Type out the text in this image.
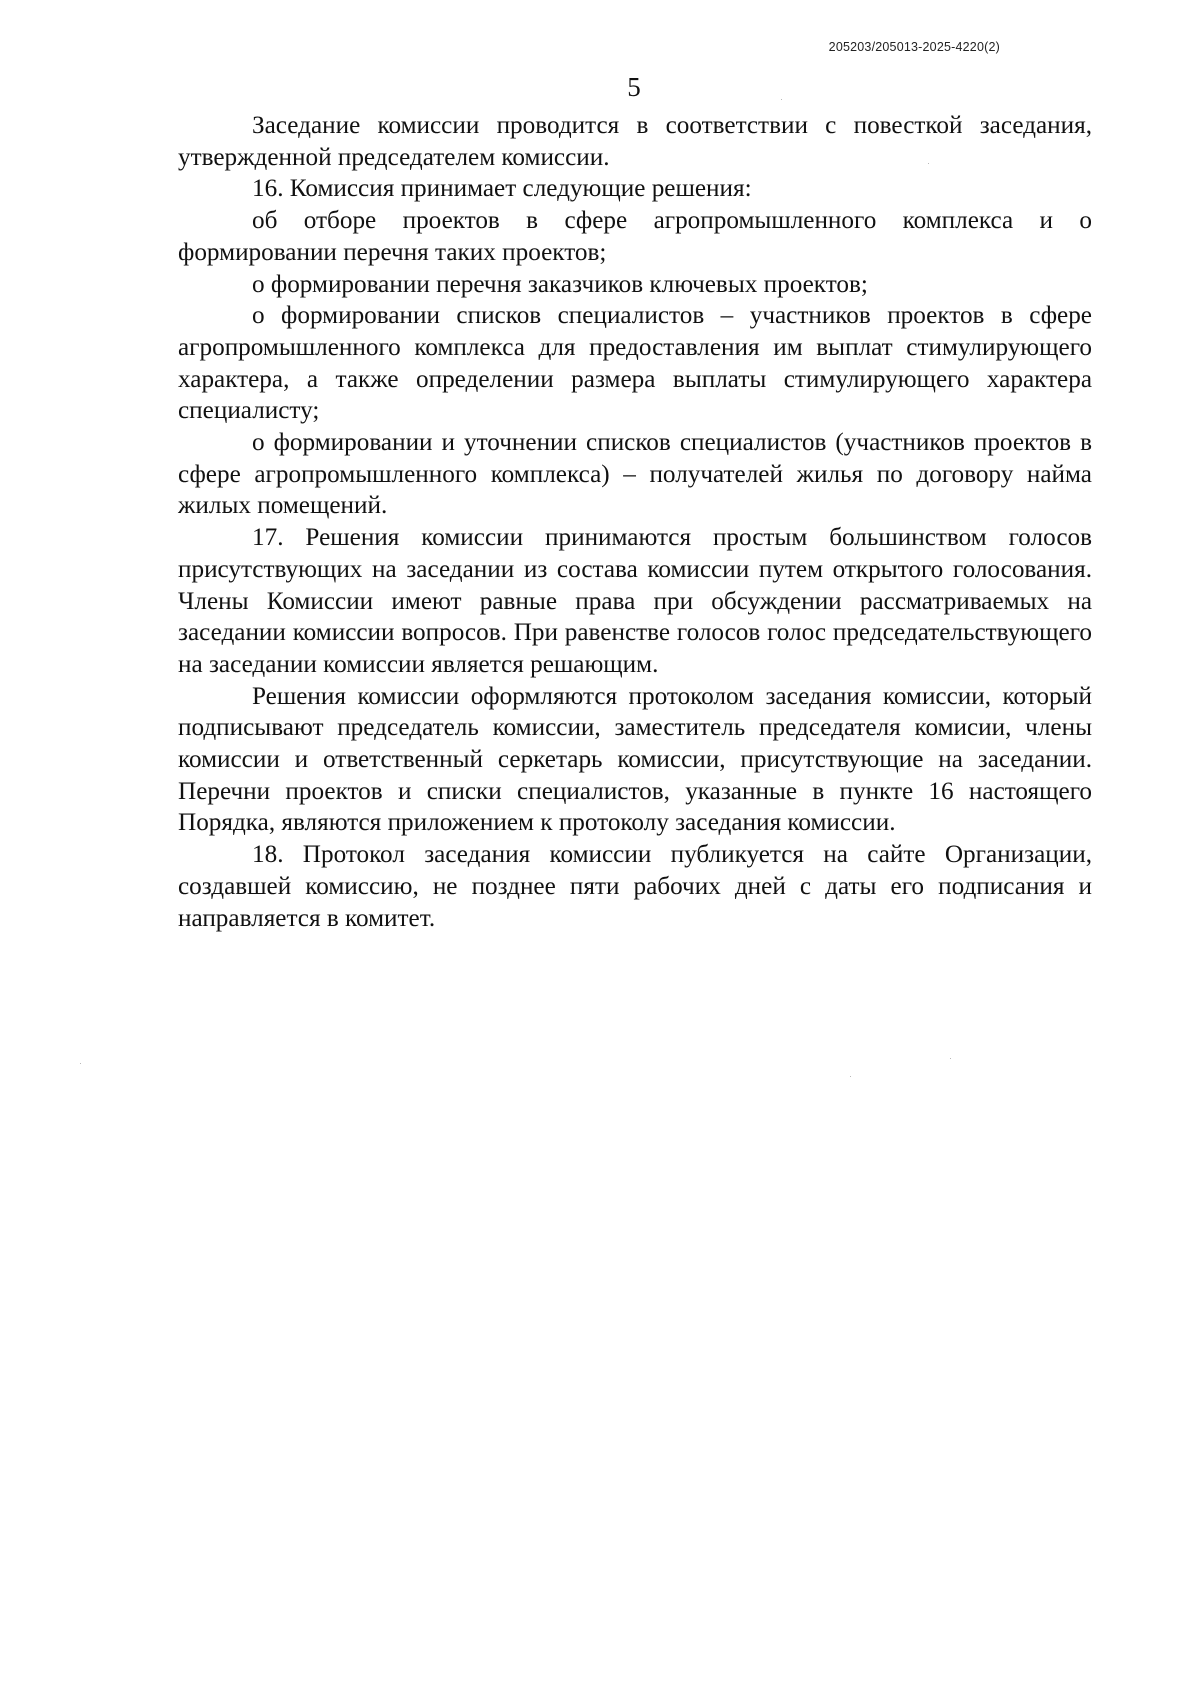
205203/205013-2025-4220(2)
5

Заседание комиссии проводится в соответствии с повесткой заседания, утвержденной председателем комиссии.

16. Комиссия принимает следующие решения:

об отборе проектов в сфере агропромышленного комплекса и о формировании перечня таких проектов;

о формировании перечня заказчиков ключевых проектов;

о формировании списков специалистов – участников проектов в сфере агропромышленного комплекса для предоставления им выплат стимулирующего характера, а также определении размера выплаты стимулирующего характера специалисту;

о формировании и уточнении списков специалистов (участников проектов в сфере агропромышленного комплекса) – получателей жилья по договору найма жилых помещений.

17. Решения комиссии принимаются простым большинством голосов присутствующих на заседании из состава комиссии путем открытого голосования. Члены Комиссии имеют равные права при обсуждении рассматриваемых на заседании комиссии вопросов. При равенстве голосов голос председательствующего на заседании комиссии является решающим.

Решения комиссии оформляются протоколом заседания комиссии, который подписывают председатель комиссии, заместитель председателя комисии, члены комиссии и ответственный серкетарь комиссии, присутствующие на заседании. Перечни проектов и списки специалистов, указанные в пункте 16 настоящего Порядка, являются приложением к протоколу заседания комиссии.

18. Протокол заседания комиссии публикуется на сайте Организации, создавшей комиссию, не позднее пяти рабочих дней с даты его подписания и направляется в комитет.
